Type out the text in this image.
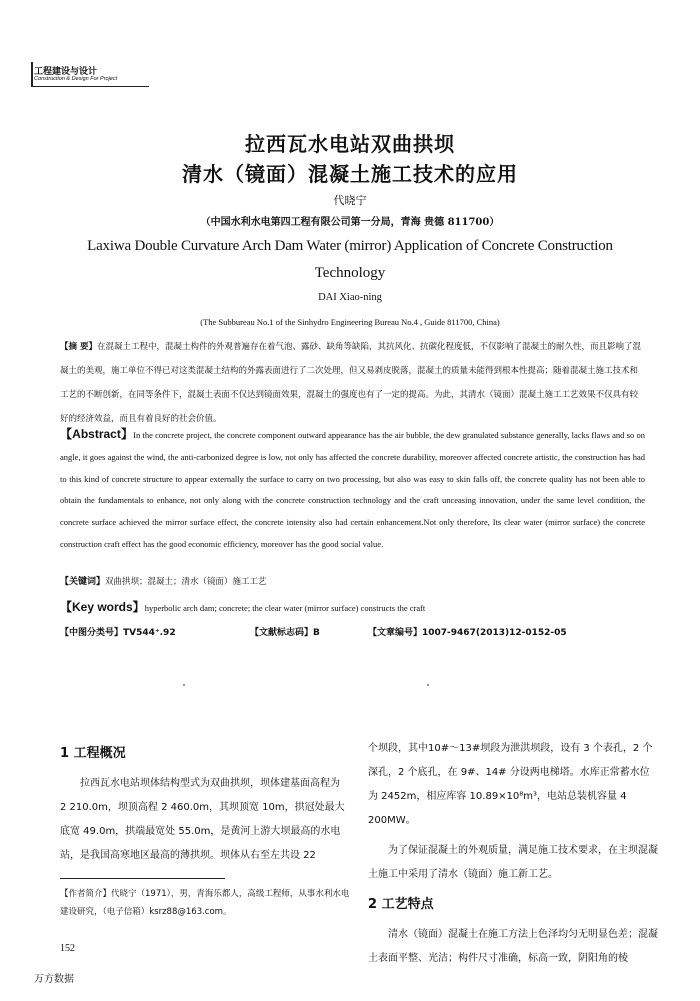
工程建设与设计
Construction & Design For Project
拉西瓦水电站双曲拱坝
清水（镜面）混凝土施工技术的应用
代晓宁
（中国水利水电第四工程有限公司第一分局，青海 贵德 811700）
Laxiwa Double Curvature Arch Dam Water (mirror) Application of Concrete Construction
Technology
DAI Xiao-ning
(The Subbureau No.1 of the Sinhydro Engineering Bureau No.4 , Guide 811700, China)
【摘 要】在混凝土工程中，混凝土构件的外观普遍存在着气泡、露砂、缺角等缺陷，其抗风化、抗碳化程度低，不仅影响了混凝土的耐久性，而且影响了混凝土的美观，施工单位不得已对这类混凝土结构的外露表面进行了二次处理，但又易剥皮脱落，混凝土的质量未能得到根本性提高；随着混凝土施工技术和工艺的不断创新，在同等条件下，混凝土表面不仅达到镜面效果，混凝土的强度也有了一定的提高。为此，其清水（镜面）混凝土施工工艺效果不仅具有较好的经济效益，而且有着良好的社会价值。
【Abstract】In the concrete project, the concrete component outward appearance has the air bubble, the dew granulated substance generally, lacks flaws and so on angle, it goes against the wind, the anti-carbonized degree is low, not only has affected the concrete durability, moreover affected concrete artistic, the construction has had to this kind of concrete structure to appear externally the surface to carry on two processing, but also was easy to skin falls off, the concrete quality has not been able to obtain the fundamentals to enhance, not only along with the concrete construction technology and the craft unceasing innovation, under the same level condition, the concrete surface achieved the mirror surface effect, the concrete intensity also had certain enhancement.Not only therefore, Its clear water (mirror surface) the concrete construction craft effect has the good economic efficiency, moreover has the good social value.
【关键词】双曲拱坝；混凝土；清水（镜面）施工工艺
【Key words】hyperbolic arch dam; concrete; the clear water (mirror surface) constructs the craft
【中图分类号】TV544⁺.92	【文献标志码】B	【文章编号】1007-9467(2013)12-0152-05
1 工程概况
拉西瓦水电站坝体结构型式为双曲拱坝，坝体建基面高程为 2 210.0m，坝顶高程 2 460.0m，其坝顶宽 10m，拱冠处最大底宽 49.0m，拱端最宽处 55.0m，是黄河上游大坝最高的水电站，是我国高寒地区最高的薄拱坝。坝体从右至左共设 22
个坝段，其中10#～13#坝段为泄洪坝段，设有 3 个表孔，2 个深孔，2 个底孔，在 9#、14# 分设两电梯塔。水库正常蓄水位为 2452m，相应库容 10.89×10⁸m³，电站总装机容量 4 200MW。
为了保证混凝土的外观质量，满足施工技术要求，在主坝混凝土施工中采用了清水（镜面）施工新工艺。
2 工艺特点
清水（镜面）混凝土在施工方法上色泽均匀无明显色差；混凝土表面平整、光洁；构件尺寸准确，标高一致，阴阳角的棱
【作者简介】代晓宁（1971），男，青海乐都人，高级工程师，从事水利水电建设研究，（电子信箱）ksrz88@163.com。
152
万方数据
